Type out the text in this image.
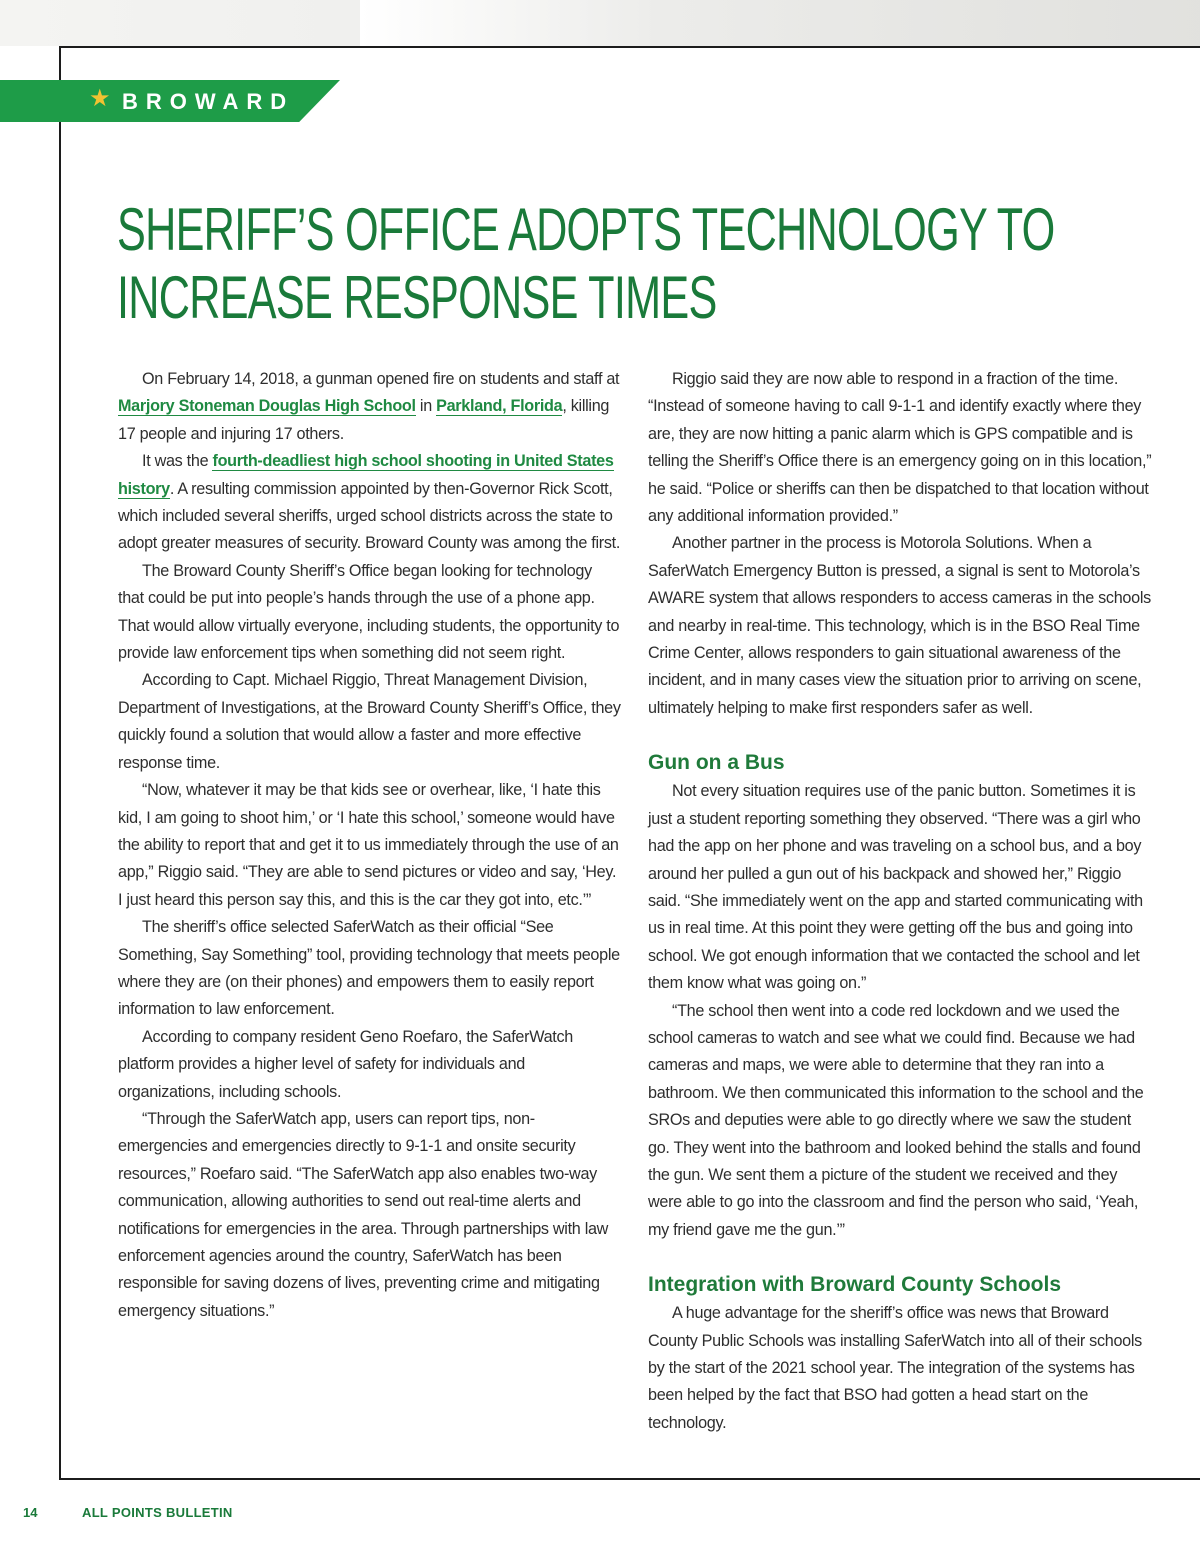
★ BROWARD
SHERIFF’S OFFICE ADOPTS TECHNOLOGY TO
INCREASE RESPONSE TIMES

On February 14, 2018, a gunman opened fire on students and staff at Marjory Stoneman Douglas High School in Parkland, Florida, killing 17 people and injuring 17 others.

It was the fourth-deadliest high school shooting in United States history. A resulting commission appointed by then-Governor Rick Scott, which included several sheriffs, urged school districts across the state to adopt greater measures of security. Broward County was among the first.

The Broward County Sheriff’s Office began looking for technology that could be put into people’s hands through the use of a phone app. That would allow virtually everyone, including students, the opportunity to provide law enforcement tips when something did not seem right.

According to Capt. Michael Riggio, Threat Management Division, Department of Investigations, at the Broward County Sheriff’s Office, they quickly found a solution that would allow a faster and more effective response time.

“Now, whatever it may be that kids see or overhear, like, ‘I hate this kid, I am going to shoot him,’ or ‘I hate this school,’ someone would have the ability to report that and get it to us immediately through the use of an app,” Riggio said. “They are able to send pictures or video and say, ‘Hey. I just heard this person say this, and this is the car they got into, etc.’”

The sheriff’s office selected SaferWatch as their official “See Something, Say Something” tool, providing technology that meets people where they are (on their phones) and empowers them to easily report information to law enforcement.

According to company resident Geno Roefaro, the SaferWatch platform provides a higher level of safety for individuals and organizations, including schools.

“Through the SaferWatch app, users can report tips, non-emergencies and emergencies directly to 9-1-1 and onsite security resources,” Roefaro said. “The SaferWatch app also enables two-way communication, allowing authorities to send out real-time alerts and notifications for emergencies in the area. Through partnerships with law enforcement agencies around the country, SaferWatch has been responsible for saving dozens of lives, preventing crime and mitigating emergency situations.”

Riggio said they are now able to respond in a fraction of the time. “Instead of someone having to call 9-1-1 and identify exactly where they are, they are now hitting a panic alarm which is GPS compatible and is telling the Sheriff’s Office there is an emergency going on in this location,” he said. “Police or sheriffs can then be dispatched to that location without any additional information provided.”

Another partner in the process is Motorola Solutions. When a SaferWatch Emergency Button is pressed, a signal is sent to Motorola’s AWARE system that allows responders to access cameras in the schools and nearby in real-time. This technology, which is in the BSO Real Time Crime Center, allows responders to gain situational awareness of the incident, and in many cases view the situation prior to arriving on scene, ultimately helping to make first responders safer as well.

Gun on a Bus

Not every situation requires use of the panic button. Sometimes it is just a student reporting something they observed. “There was a girl who had the app on her phone and was traveling on a school bus, and a boy around her pulled a gun out of his backpack and showed her,” Riggio said. “She immediately went on the app and started communicating with us in real time. At this point they were getting off the bus and going into school. We got enough information that we contacted the school and let them know what was going on.”

“The school then went into a code red lockdown and we used the school cameras to watch and see what we could find. Because we had cameras and maps, we were able to determine that they ran into a bathroom. We then communicated this information to the school and the SROs and deputies were able to go directly where we saw the student go. They went into the bathroom and looked behind the stalls and found the gun. We sent them a picture of the student we received and they were able to go into the classroom and find the person who said, ‘Yeah, my friend gave me the gun.’”

Integration with Broward County Schools

A huge advantage for the sheriff’s office was news that Broward County Public Schools was installing SaferWatch into all of their schools by the start of the 2021 school year. The integration of the systems has been helped by the fact that BSO had gotten a head start on the technology.

14	ALL POINTS BULLETIN
